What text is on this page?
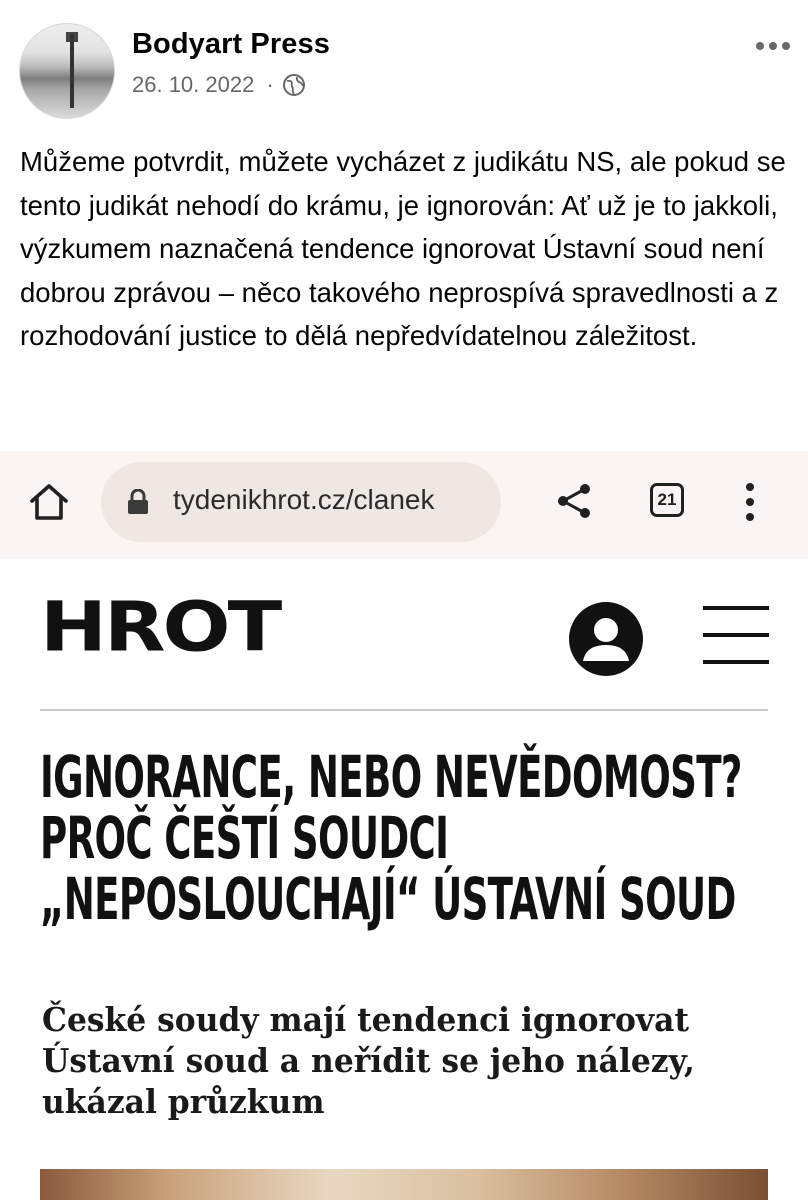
Bodyart Press
26. 10. 2022 ·
Můžeme potvrdit, můžete vycházet z judikátu NS, ale pokud se tento judikát nehodí do krámu, je ignorován: Ať už je to jakkoli, výzkumem naznačená tendence ignorovat Ústavní soud není dobrou zprávou – něco takového neprospívá spravedlnosti a z rozhodování justice to dělá nepředvídatelnou záležitost.
tydenikhrot.cz/clanek	21
HROT
IGNORANCE, NEBO NEVĚDOMOST?
PROČ ČEŠTÍ SOUDCI
„NEPOSLOUCHAJÍ“ ÚSTAVNÍ SOUD
České soudy mají tendenci ignorovat
Ústavní soud a neřídit se jeho nálezy,
ukázal průzkum
